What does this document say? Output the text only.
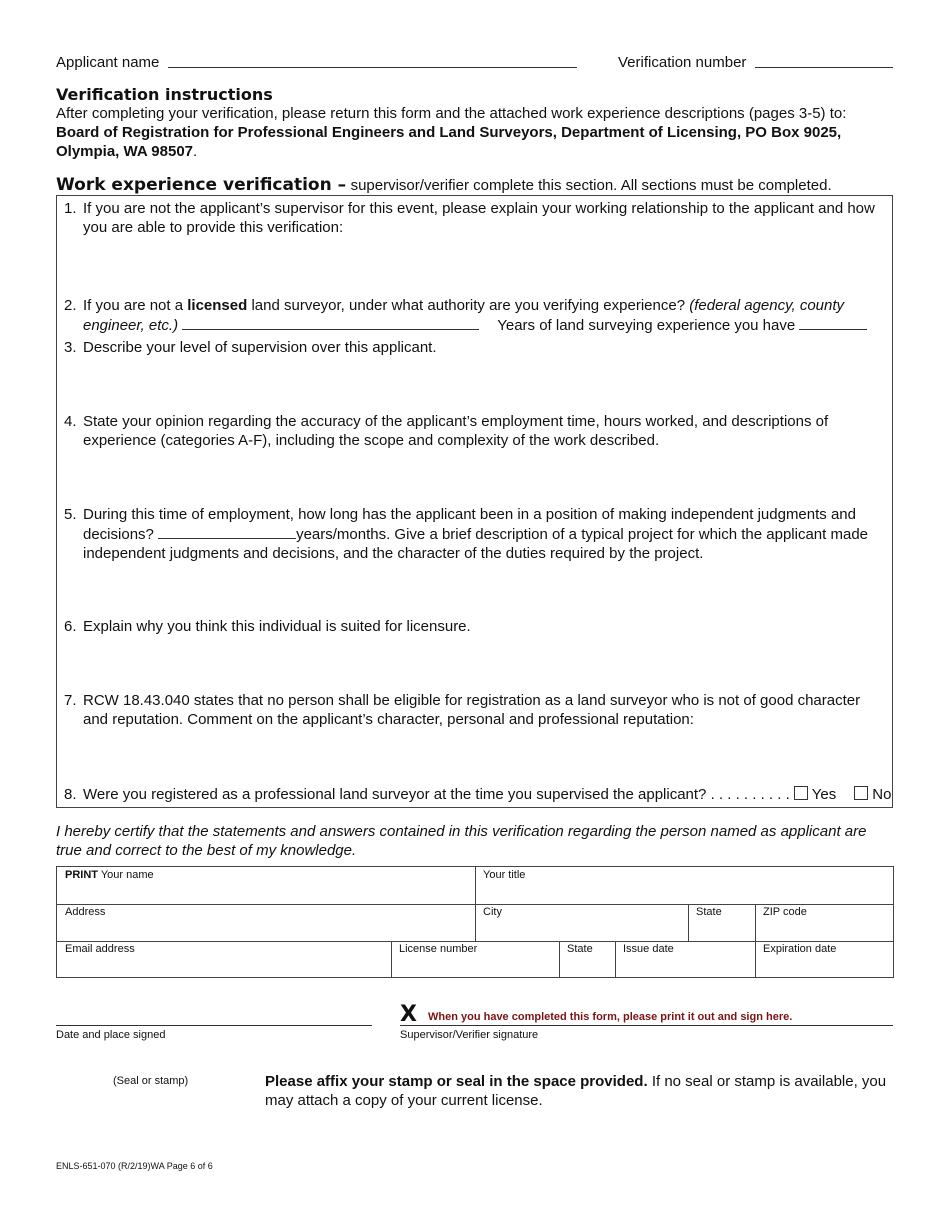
Applicant name	Verification number
Verification instructions
After completing your verification, please return this form and the attached work experience descriptions (pages 3-5) to:
Board of Registration for Professional Engineers and Land Surveyors, Department of Licensing, PO Box 9025, Olympia, WA 98507.
Work experience verification – supervisor/verifier complete this section. All sections must be completed.
1. If you are not the applicant’s supervisor for this event, please explain your working relationship to the applicant and how you are able to provide this verification:
2. If you are not a licensed land surveyor, under what authority are you verifying experience? (federal agency, county engineer, etc.)	Years of land surveying experience you have
3. Describe your level of supervision over this applicant.
4. State your opinion regarding the accuracy of the applicant’s employment time, hours worked, and descriptions of experience (categories A-F), including the scope and complexity of the work described.
5. During this time of employment, how long has the applicant been in a position of making independent judgments and decisions?	years/months. Give a brief description of a typical project for which the applicant made independent judgments and decisions, and the character of the duties required by the project.
6. Explain why you think this individual is suited for licensure.
7. RCW 18.43.040 states that no person shall be eligible for registration as a land surveyor who is not of good character and reputation. Comment on the applicant’s character, personal and professional reputation:
8. Were you registered as a professional land surveyor at the time you supervised the applicant? . . . . . . . . . . Yes No
I hereby certify that the statements and answers contained in this verification regarding the person named as applicant are true and correct to the best of my knowledge.
PRINT Your name	Your title
Address	City	State	ZIP code
Email address	License number	State	Issue date	Expiration date
Date and place signed
X When you have completed this form, please print it out and sign here.
Supervisor/Verifier signature
(Seal or stamp)	Please affix your stamp or seal in the space provided. If no seal or stamp is available, you may attach a copy of your current license.
ENLS-651-070 (R/2/19)WA Page 6 of 6
